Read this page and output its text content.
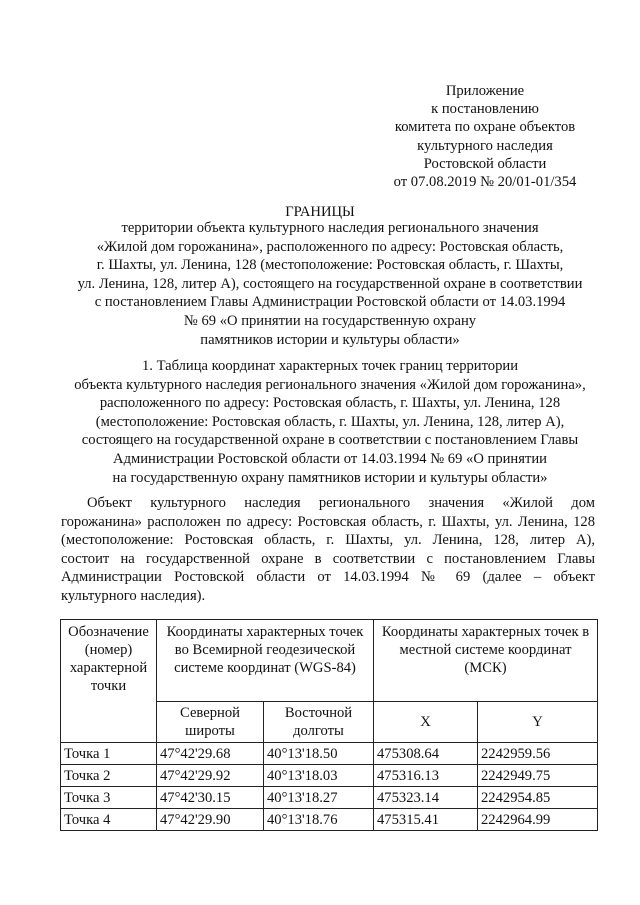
Приложение
к постановлению
комитета по охране объектов
культурного наследия
Ростовской области
от 07.08.2019 № 20/01-01/354
ГРАНИЦЫ
территории объекта культурного наследия регионального значения
«Жилой дом горожанина», расположенного по адресу: Ростовская область,
г. Шахты, ул. Ленина, 128 (местоположение: Ростовская область, г. Шахты,
ул. Ленина, 128, литер А), состоящего на государственной охране в соответствии
с постановлением Главы Администрации Ростовской области от 14.03.1994
№ 69 «О принятии на государственную охрану
памятников истории и культуры области»
1. Таблица координат характерных точек границ территории
объекта культурного наследия регионального значения «Жилой дом горожанина»,
расположенного по адресу: Ростовская область, г. Шахты, ул. Ленина, 128
(местоположение: Ростовская область, г. Шахты, ул. Ленина, 128, литер А),
состоящего на государственной охране в соответствии с постановлением Главы
Администрации Ростовской области от 14.03.1994 № 69 «О принятии
на государственную охрану памятников истории и культуры области»
Объект культурного наследия регионального значения «Жилой дом
горожанина» расположен по адресу: Ростовская область, г. Шахты, ул. Ленина, 128
(местоположение: Ростовская область, г. Шахты, ул. Ленина, 128, литер А),
состоит на государственной охране в соответствии с постановлением Главы
Администрации Ростовской области от 14.03.1994 № 69 (далее – объект
культурного наследия).
Обозначение (номер) характерной точки	Координаты характерных точек во Всемирной геодезической системе координат (WGS-84)		Координаты характерных точек в местной системе координат (МСК)	
	Северной широты	Восточной долготы	X	Y
Точка 1	47°42'29.68	40°13'18.50	475308.64	2242959.56
Точка 2	47°42'29.92	40°13'18.03	475316.13	2242949.75
Точка 3	47°42'30.15	40°13'18.27	475323.14	2242954.85
Точка 4	47°42'29.90	40°13'18.76	475315.41	2242964.99
